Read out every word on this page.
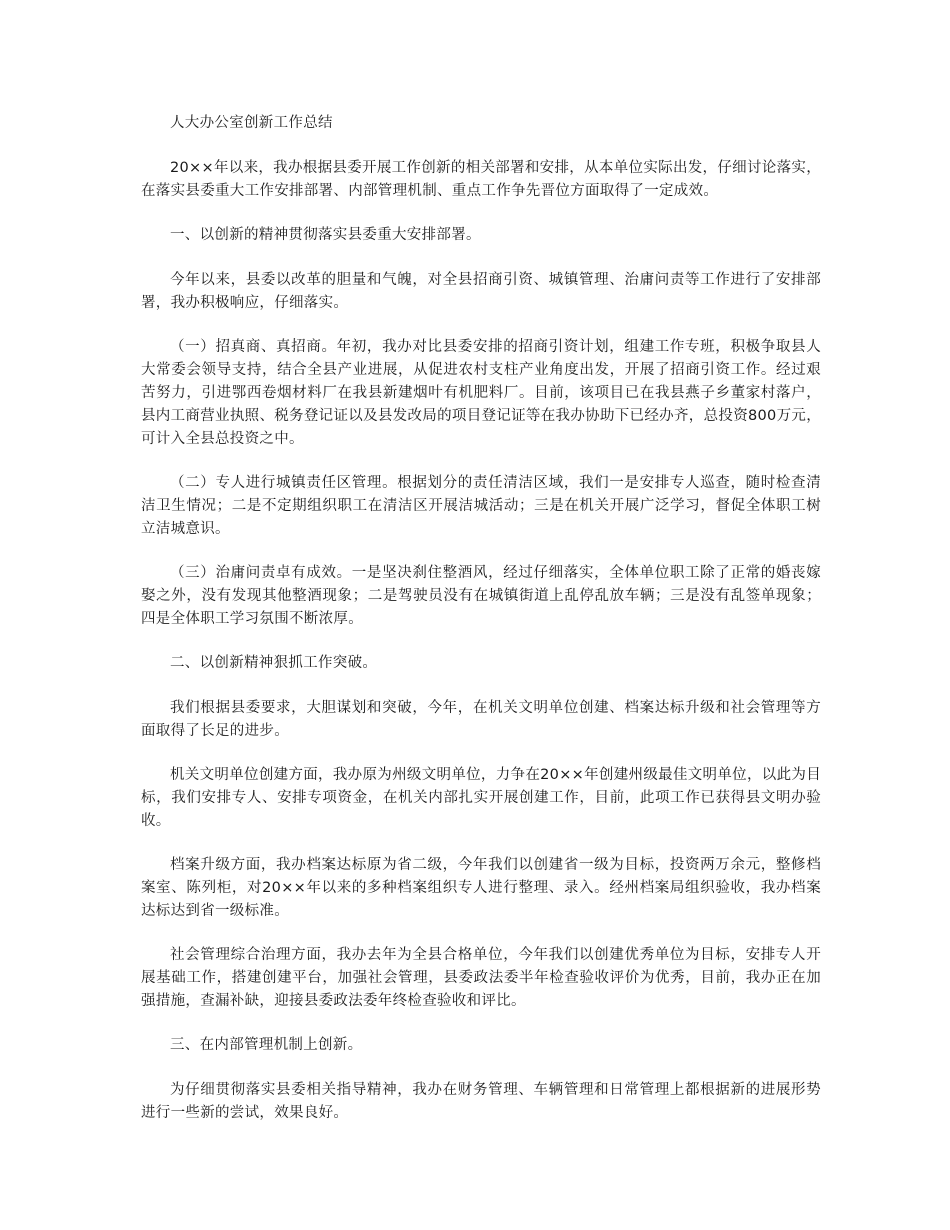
人大办公室创新工作总结

20××年以来，我办根据县委开展工作创新的相关部署和安排，从本单位实际出发，仔细讨论落实，在落实县委重大工作安排部署、内部管理机制、重点工作争先晋位方面取得了一定成效。

一、以创新的精神贯彻落实县委重大安排部署。

今年以来，县委以改革的胆量和气魄，对全县招商引资、城镇管理、治庸问责等工作进行了安排部署，我办积极响应，仔细落实。

（一）招真商、真招商。年初，我办对比县委安排的招商引资计划，组建工作专班，积极争取县人大常委会领导支持，结合全县产业进展，从促进农村支柱产业角度出发，开展了招商引资工作。经过艰苦努力，引进鄂西卷烟材料厂在我县新建烟叶有机肥料厂。目前，该项目已在我县燕子乡董家村落户，县内工商营业执照、税务登记证以及县发改局的项目登记证等在我办协助下已经办齐，总投资800万元，可计入全县总投资之中。

（二）专人进行城镇责任区管理。根据划分的责任清洁区域，我们一是安排专人巡查，随时检查清洁卫生情况；二是不定期组织职工在清洁区开展洁城活动；三是在机关开展广泛学习，督促全体职工树立洁城意识。

（三）治庸问责卓有成效。一是坚决刹住整酒风，经过仔细落实，全体单位职工除了正常的婚丧嫁娶之外，没有发现其他整酒现象；二是驾驶员没有在城镇街道上乱停乱放车辆；三是没有乱签单现象；四是全体职工学习氛围不断浓厚。

二、以创新精神狠抓工作突破。

我们根据县委要求，大胆谋划和突破，今年，在机关文明单位创建、档案达标升级和社会管理等方面取得了长足的进步。

机关文明单位创建方面，我办原为州级文明单位，力争在20××年创建州级最佳文明单位，以此为目标，我们安排专人、安排专项资金，在机关内部扎实开展创建工作，目前，此项工作已获得县文明办验收。

档案升级方面，我办档案达标原为省二级，今年我们以创建省一级为目标，投资两万余元，整修档案室、陈列柜，对20××年以来的多种档案组织专人进行整理、录入。经州档案局组织验收，我办档案达标达到省一级标准。

社会管理综合治理方面，我办去年为全县合格单位，今年我们以创建优秀单位为目标，安排专人开展基础工作，搭建创建平台，加强社会管理，县委政法委半年检查验收评价为优秀，目前，我办正在加强措施，查漏补缺，迎接县委政法委年终检查验收和评比。

三、在内部管理机制上创新。

为仔细贯彻落实县委相关指导精神，我办在财务管理、车辆管理和日常管理上都根据新的进展形势进行一些新的尝试，效果良好。
